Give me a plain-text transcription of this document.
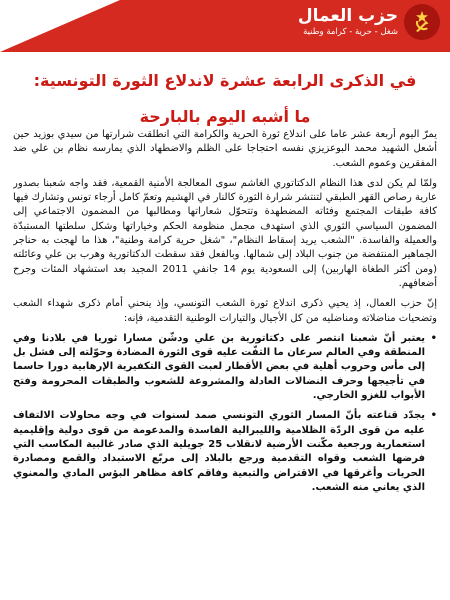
حزب العمال
شغل - حرية - كرامة وطنية
في الذكرى الرابعة عشرة لاندلاع الثورة التونسية:
ما أشبه اليوم بالبارحة

يمرّ اليوم أربعة عشر عاما على اندلاع ثورة الحرية والكرامة التي انطلقت شرارتها من سيدي بوزيد حين أشعل الشهيد محمد البوعزيزي نفسه احتجاجا على الظلم والاضطهاد الذي يمارسه نظام بن علي ضد المفقرين وعموم الشعب.

ولمّا لم يكن لدى هذا النظام الدكتاتوري الغاشم سوى المعالجة الأمنية القمعية، فقد واجه شعبنا بصدور عارية رصاص القهر الطبقي لتنتشر شرارة الثورة كالنار في الهشيم وتعمّ كامل أرجاء تونس وتشارك فيها كافة طبقات المجتمع وفئاته المضطهدة وتتحوّل شعاراتها ومطالبها من المضمون الاجتماعي إلى المضمون السياسي الثوري الذي استهدف مجمل منظومة الحكم وخياراتها وشكل سلطتها المستبدّة والعميلة والفاسدة. "الشعب يريد إسقاط النظام"، "شغل حرية كرامة وطنية"، هذا ما لهجت به حناجر الجماهير المنتفضة من جنوب البلاد إلى شمالها. وبالفعل فقد سقطت الدكتاتورية وهرب بن علي وعائلته (ومن أكثر الطغاة الهاربين) إلى السعودية يوم 14 جانفي 2011 المجيد بعد استشهاد المئات وجرح أضعافهم.

إنّ حزب العمال، إذ يحيي ذكرى اندلاع ثورة الشعب التونسي، وإذ ينحني أمام ذكرى شهداء الشعب وتضحيات مناضلاته ومناضليه من كل الأجيال والتيارات الوطنية التقدمية، فإنه:

• يعتبر أنّ شعبنا انتصر على دكتاتورية بن علي ودشّن مسارا ثوريا في بلادنا وفي المنطقة وفي العالم سرعان ما التفّت عليه قوى الثورة المضادة وحوّلته إلى فشل بل إلى مأس وحروب أهلية في بعض الأقطار لعبت القوى التكفيرية الإرهابية دورا حاسما في تأجيجها وحرف النضالات العادلة والمشروعة للشعوب والطبقات المحرومة وفتح الأبواب للغزو الخارجي.
• يجدّد قناعته بأنّ المسار الثوري التونسي صمد لسنوات في وجه محاولات الالتفاف عليه من قوى الردّة الظلامية والليبرالية الفاسدة والمدعومة من قوى دولية وإقليمية استعمارية ورجعية مكّنت الأرضية لانقلاب 25 جويلية الذي صادر غالبية المكاسب التي فرضها الشعب وقواه التقدمية ورجع بالبلاد إلى مربّع الاستبداد والقمع ومصادرة الحريات وأغرقها في الاقتراض والتبعية وفاقم كافة مظاهر البؤس المادي والمعنوي الذي يعاني منه الشعب.
